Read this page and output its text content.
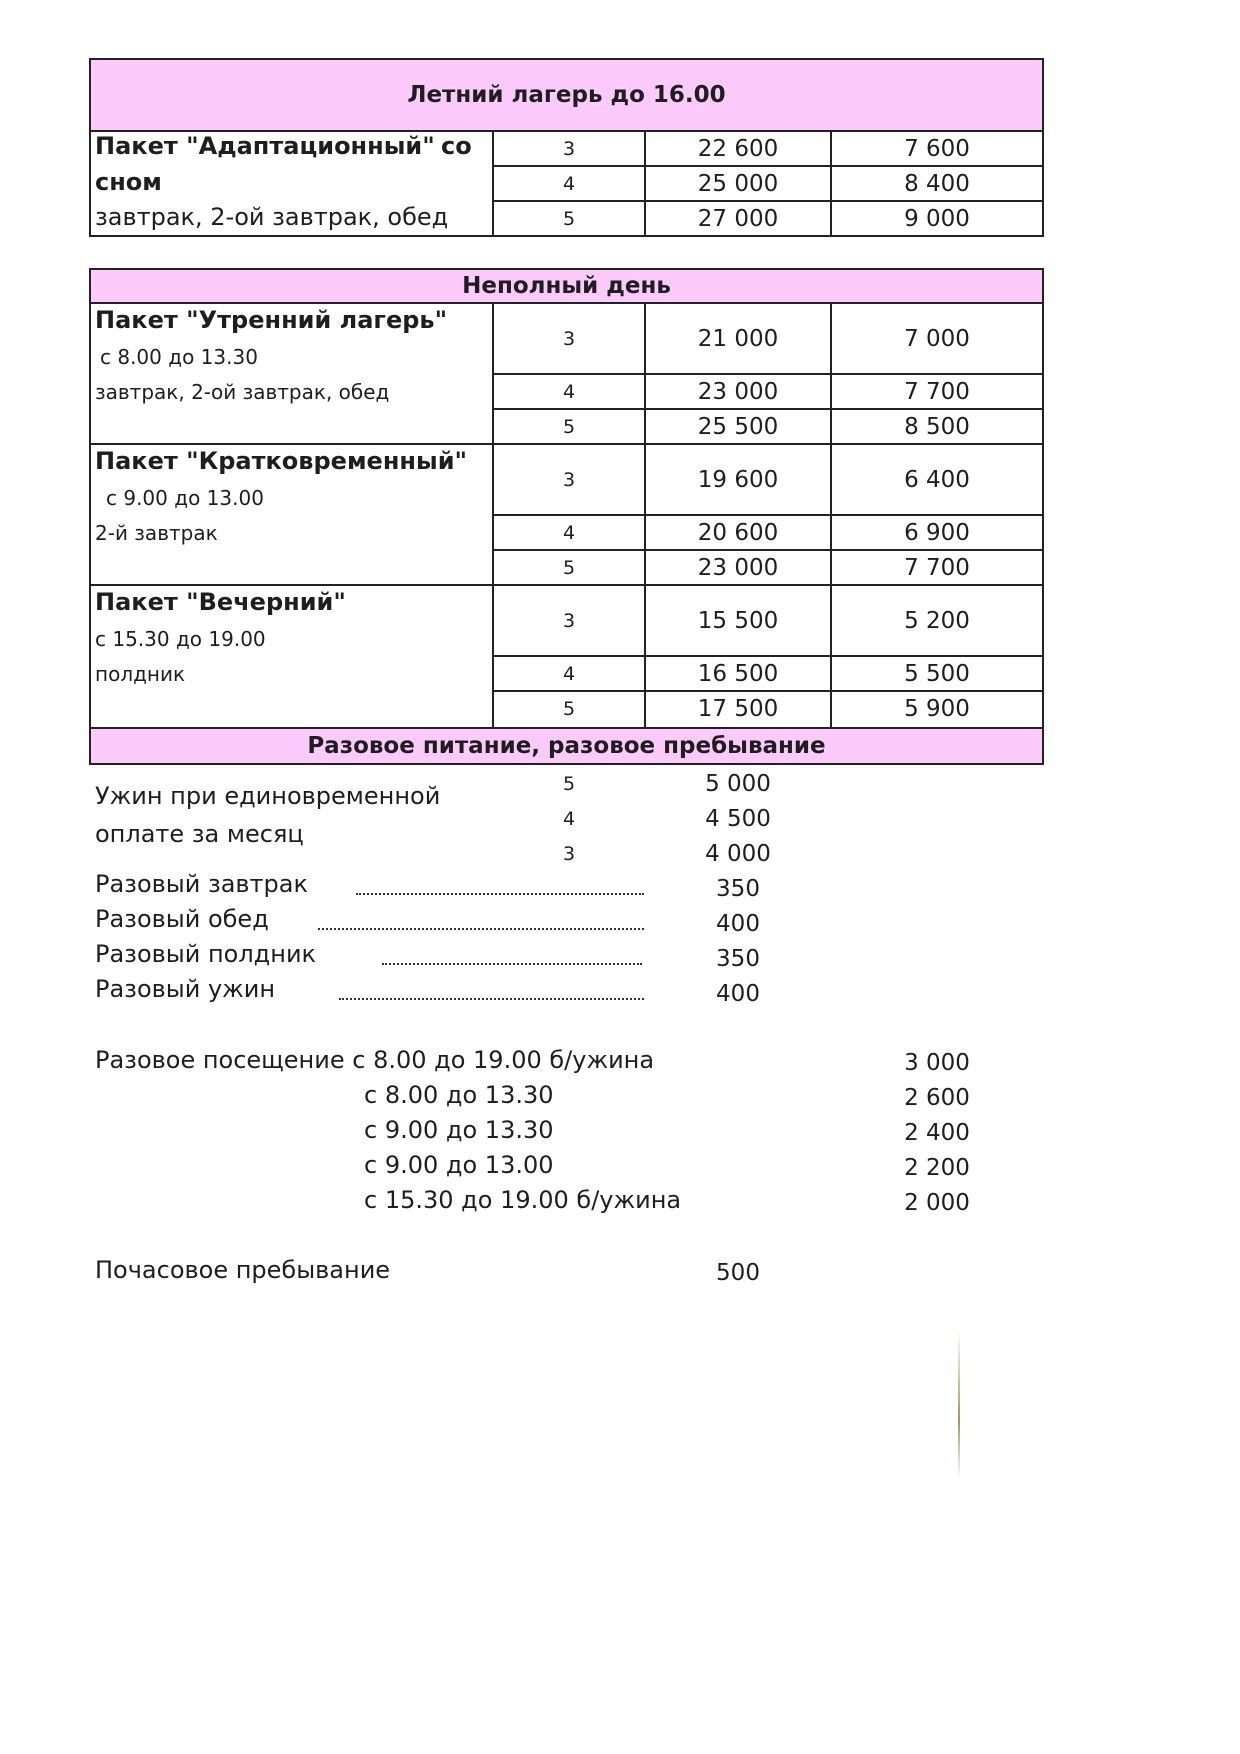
Летний лагерь до 16.00
Пакет "Адаптационный" со
сном
завтрак, 2-ой завтрак, обед
3	22 600	7 600
4	25 000	8 400
5	27 000	9 000
Неполный день
Пакет "Утренний лагерь"
с 8.00 до 13.30
завтрак, 2-ой завтрак, обед
3	21 000	7 000
4	23 000	7 700
5	25 500	8 500
Пакет "Кратковременный"
с 9.00 до 13.00
2-й завтрак
3	19 600	6 400
4	20 600	6 900
5	23 000	7 700
Пакет "Вечерний"
с 15.30 до 19.00
полдник
3	15 500	5 200
4	16 500	5 500
5	17 500	5 900
Разовое питание, разовое пребывание
Ужин при единовременной
оплате за месяц
5	5 000
4	4 500
3	4 000
Разовый завтрак	350
Разовый обед	400
Разовый полдник	350
Разовый ужин	400
Разовое посещение с 8.00 до 19.00 б/ужина	3 000
с 8.00 до 13.30	2 600
с 9.00 до 13.30	2 400
с 9.00 до 13.00	2 200
с 15.30 до 19.00 б/ужина	2 000
Почасовое пребывание	500
